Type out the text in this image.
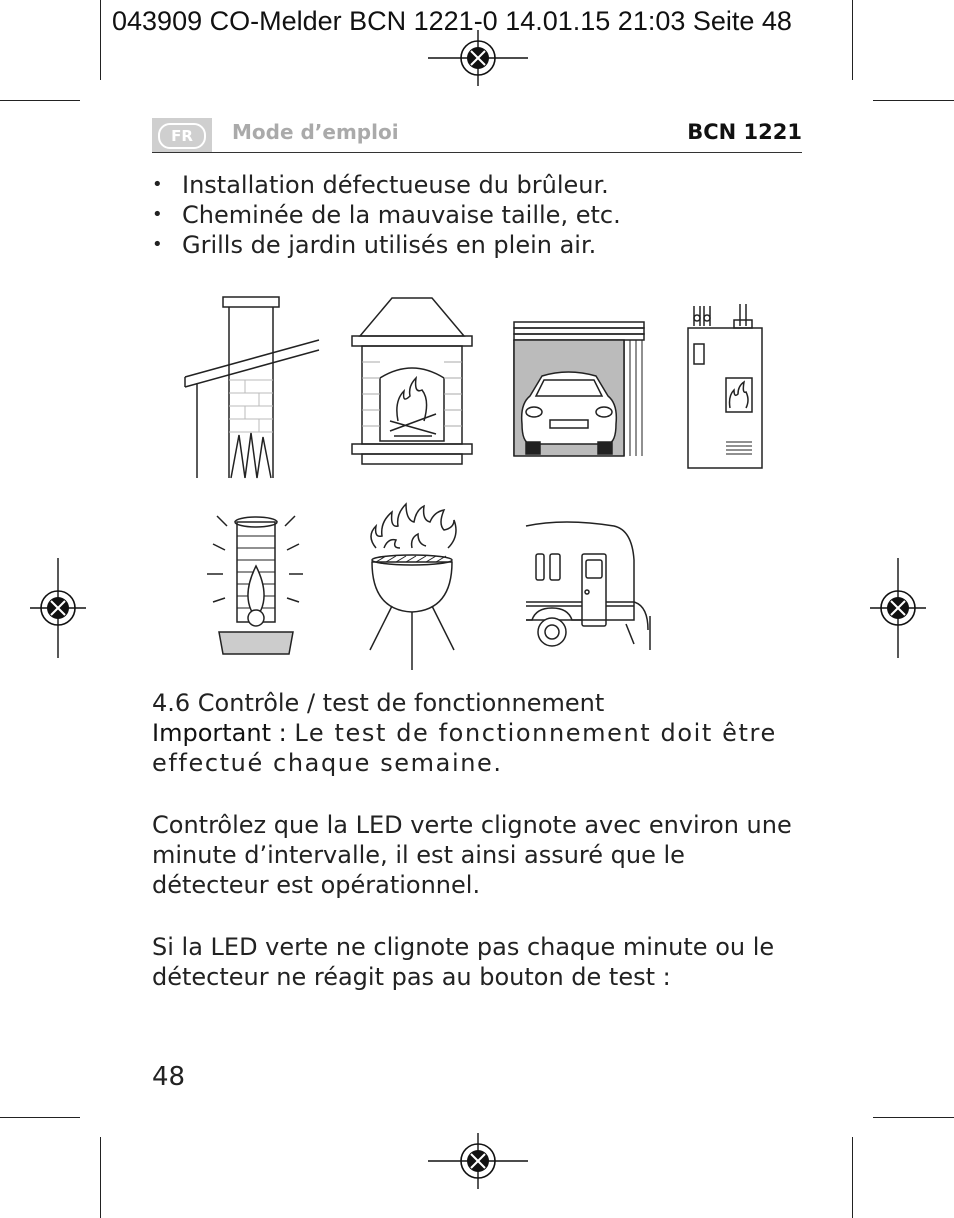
043909 CO-Melder BCN 1221-0 14.01.15 21:03 Seite 48
FR	Mode d’emploi	BCN 1221
• Installation défectueuse du brûleur.
• Cheminée de la mauvaise taille, etc.
• Grills de jardin utilisés en plein air.
4.6 Contrôle / test de fonctionnement
Important : Le test de fonctionnement doit être effectué chaque semaine.
Contrôlez que la LED verte clignote avec environ une minute d’intervalle, il est ainsi assuré que le détecteur est opérationnel.
Si la LED verte ne clignote pas chaque minute ou le détecteur ne réagit pas au bouton de test :
48
